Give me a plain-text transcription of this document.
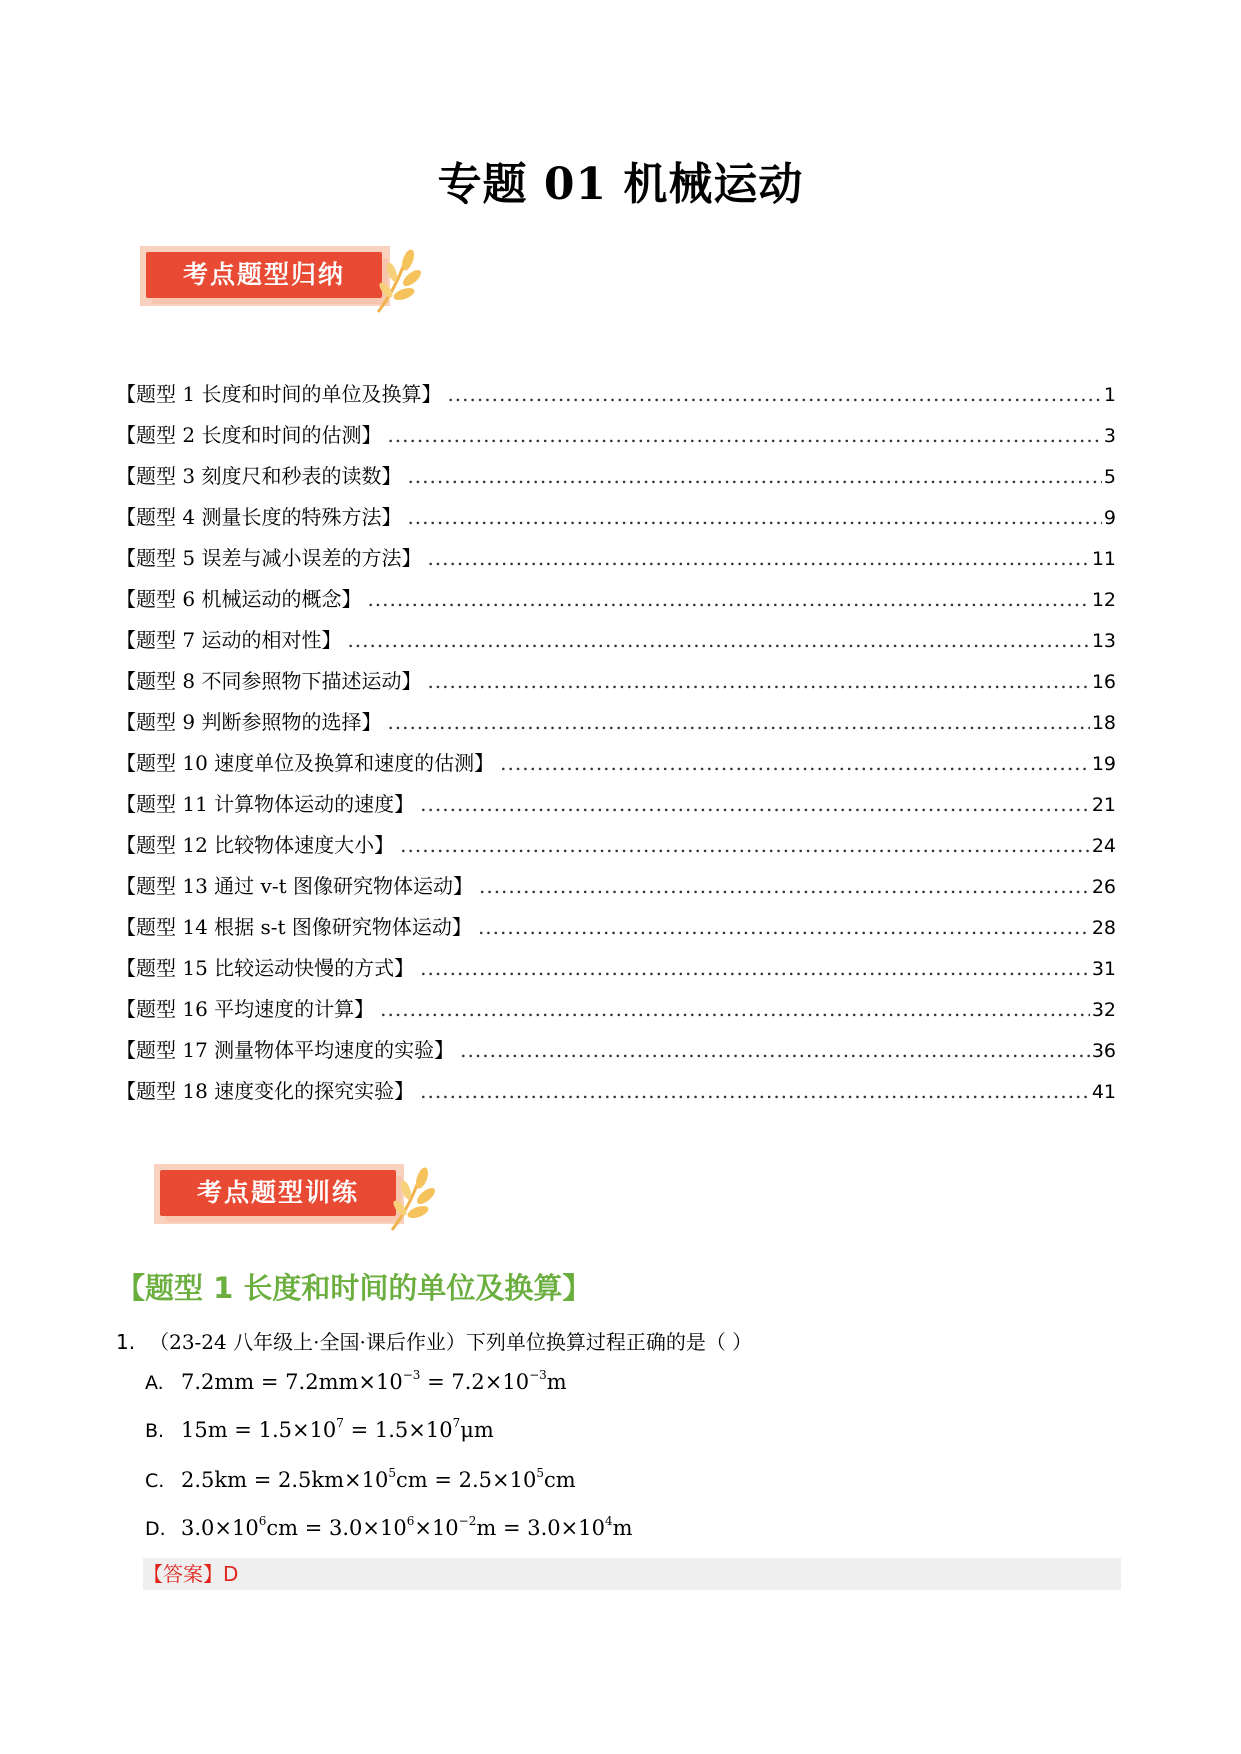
专题 01 机械运动
考点题型归纳
【题型 1 长度和时间的单位及换算】 .....	1
【题型 2 长度和时间的估测】 .....	3
【题型 3 刻度尺和秒表的读数】 .....	5
【题型 4 测量长度的特殊方法】 .....	9
【题型 5 误差与减小误差的方法】 .....	11
【题型 6 机械运动的概念】 .....	12
【题型 7 运动的相对性】 .....	13
【题型 8 不同参照物下描述运动】 .....	16
【题型 9 判断参照物的选择】 .....	18
【题型 10 速度单位及换算和速度的估测】 .....	19
【题型 11 计算物体运动的速度】 .....	21
【题型 12 比较物体速度大小】 .....	24
【题型 13 通过 v-t 图像研究物体运动】 .....	26
【题型 14 根据 s-t 图像研究物体运动】 .....	28
【题型 15 比较运动快慢的方式】 .....	31
【题型 16 平均速度的计算】 .....	32
【题型 17 测量物体平均速度的实验】 .....	36
【题型 18 速度变化的探究实验】 .....	41
考点题型训练
【题型 1 长度和时间的单位及换算】
1. （23-24 八年级上·全国·课后作业）下列单位换算过程正确的是（ ）
A. $7.2mm = 7.2mm\times 10^{-3} = 7.2\times 10^{-3}m$
B. $15m = 1.5\times 10^7 = 1.5\times 10^7\mu m$
C. $2.5km = 2.5km\times 10^5cm = 2.5\times 10^5cm$
D. $3.0\times 10^6cm = 3.0\times 10^6\times 10^{-2}m = 3.0\times 10^4m$
【答案】D
